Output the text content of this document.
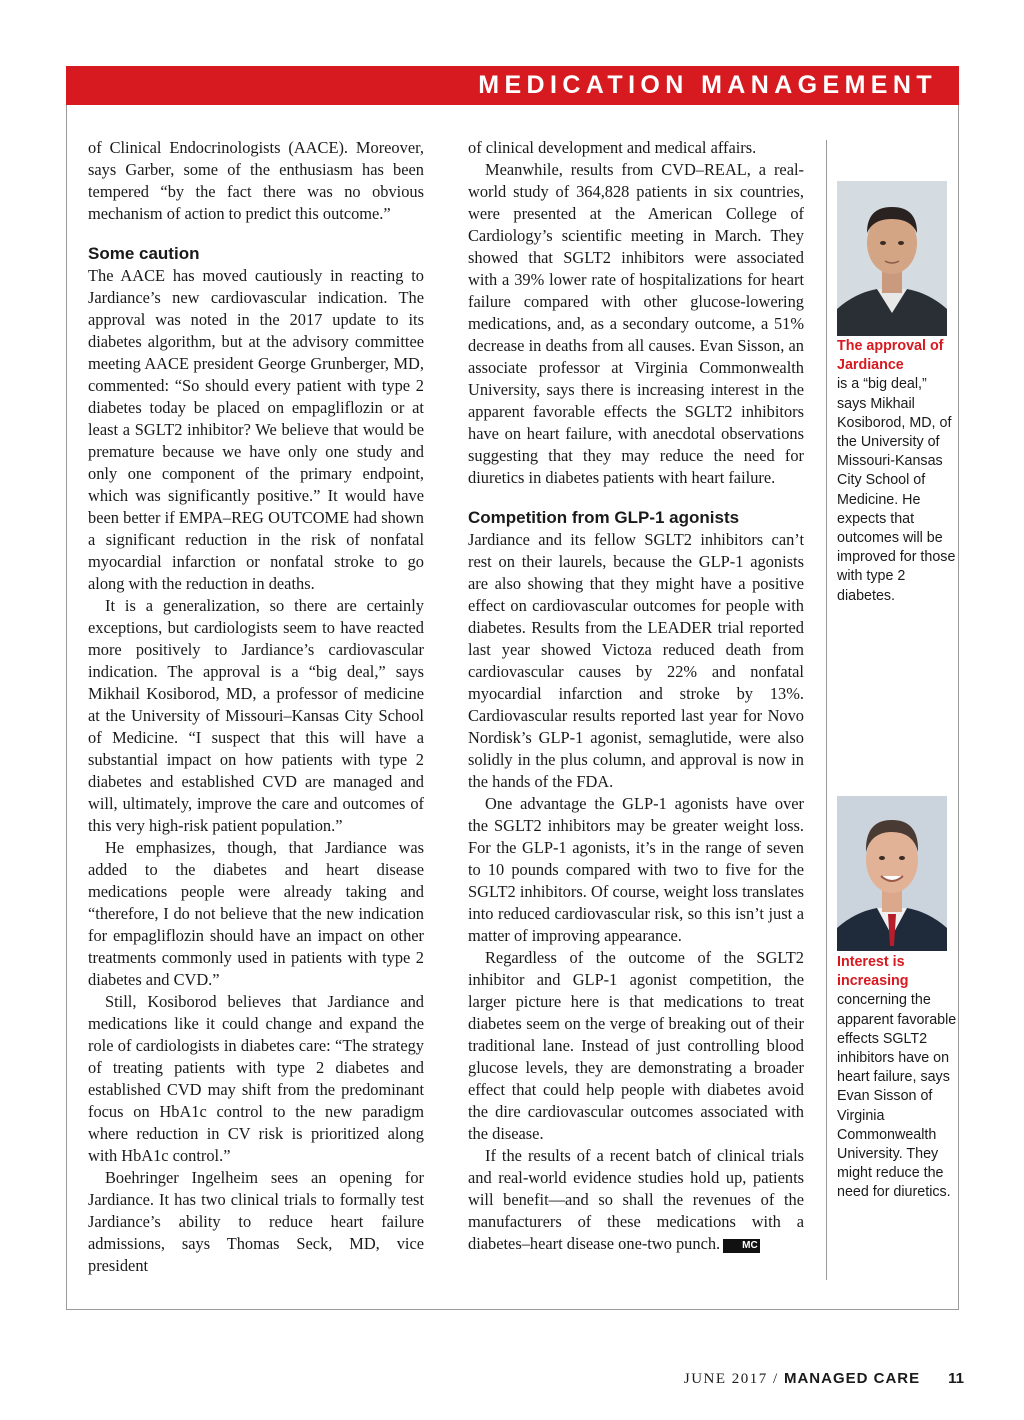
MEDICATION MANAGEMENT

of Clinical Endocrinologists (AACE). Moreover, says Garber, some of the enthusiasm has been tempered “by the fact there was no obvious mechanism of action to predict this outcome.”

Some caution

The AACE has moved cautiously in reacting to Jardiance’s new cardiovascular indication. The approval was noted in the 2017 update to its diabetes algorithm, but at the advisory committee meeting AACE president George Grunberger, MD, commented: “So should every patient with type 2 diabetes today be placed on empagliflozin or at least a SGLT2 inhibitor? We believe that would be premature because we have only one study and only one component of the primary endpoint, which was significantly positive.” It would have been better if EMPA–REG OUTCOME had shown a significant reduction in the risk of nonfatal myocardial infarction or nonfatal stroke to go along with the reduction in deaths.

It is a generalization, so there are certainly exceptions, but cardiologists seem to have reacted more positively to Jardiance’s cardiovascular indication. The approval is a “big deal,” says Mikhail Kosiborod, MD, a professor of medicine at the University of Missouri–Kansas City School of Medicine. “I suspect that this will have a substantial impact on how patients with type 2 diabetes and established CVD are managed and will, ultimately, improve the care and outcomes of this very high-risk patient population.”

He emphasizes, though, that Jardiance was added to the diabetes and heart disease medications people were already taking and “therefore, I do not believe that the new indication for empagliflozin should have an impact on other treatments commonly used in patients with type 2 diabetes and CVD.”

Still, Kosiborod believes that Jardiance and medications like it could change and expand the role of cardiologists in diabetes care: “The strategy of treating patients with type 2 diabetes and established CVD may shift from the predominant focus on HbA1c control to the new paradigm where reduction in CV risk is prioritized along with HbA1c control.”

Boehringer Ingelheim sees an opening for Jardiance. It has two clinical trials to formally test Jardiance’s ability to reduce heart failure admissions, says Thomas Seck, MD, vice president

of clinical development and medical affairs.

Meanwhile, results from CVD–REAL, a real-world study of 364,828 patients in six countries, were presented at the American College of Cardiology’s scientific meeting in March. They showed that SGLT2 inhibitors were associated with a 39% lower rate of hospitalizations for heart failure compared with other glucose-lowering medications, and, as a secondary outcome, a 51% decrease in deaths from all causes. Evan Sisson, an associate professor at Virginia Commonwealth University, says there is increasing interest in the apparent favorable effects the SGLT2 inhibitors have on heart failure, with anecdotal observations suggesting that they may reduce the need for diuretics in diabetes patients with heart failure.

Competition from GLP-1 agonists

Jardiance and its fellow SGLT2 inhibitors can’t rest on their laurels, because the GLP-1 agonists are also showing that they might have a positive effect on cardiovascular outcomes for people with diabetes. Results from the LEADER trial reported last year showed Victoza reduced death from cardiovascular causes by 22% and nonfatal myocardial infarction and stroke by 13%. Cardiovascular results reported last year for Novo Nordisk’s GLP-1 agonist, semaglutide, were also solidly in the plus column, and approval is now in the hands of the FDA.

One advantage the GLP-1 agonists have over the SGLT2 inhibitors may be greater weight loss. For the GLP-1 agonists, it’s in the range of seven to 10 pounds compared with two to five for the SGLT2 inhibitors. Of course, weight loss translates into reduced cardiovascular risk, so this isn’t just a matter of improving appearance.

Regardless of the outcome of the SGLT2 inhibitor and GLP-1 agonist competition, the larger picture here is that medications to treat diabetes seem on the verge of breaking out of their traditional lane. Instead of just controlling blood glucose levels, they are demonstrating a broader effect that could help people with diabetes avoid the dire cardiovascular outcomes associated with the disease.

If the results of a recent batch of clinical trials and real-world evidence studies hold up, patients will benefit—and so shall the revenues of the manufacturers of these medications with a diabetes–heart disease one-two punch. MC

The approval of Jardiance
is a “big deal,” says Mikhail Kosiborod, MD, of the University of Missouri-Kansas City School of Medicine. He expects that outcomes will be improved for those with type 2 diabetes.
Interest is increasing
concerning the apparent favorable effects SGLT2 inhibitors have on heart failure, says Evan Sisson of Virginia Commonwealth University. They might reduce the need for diuretics.
JUNE 2017 / MANAGED CARE 11
